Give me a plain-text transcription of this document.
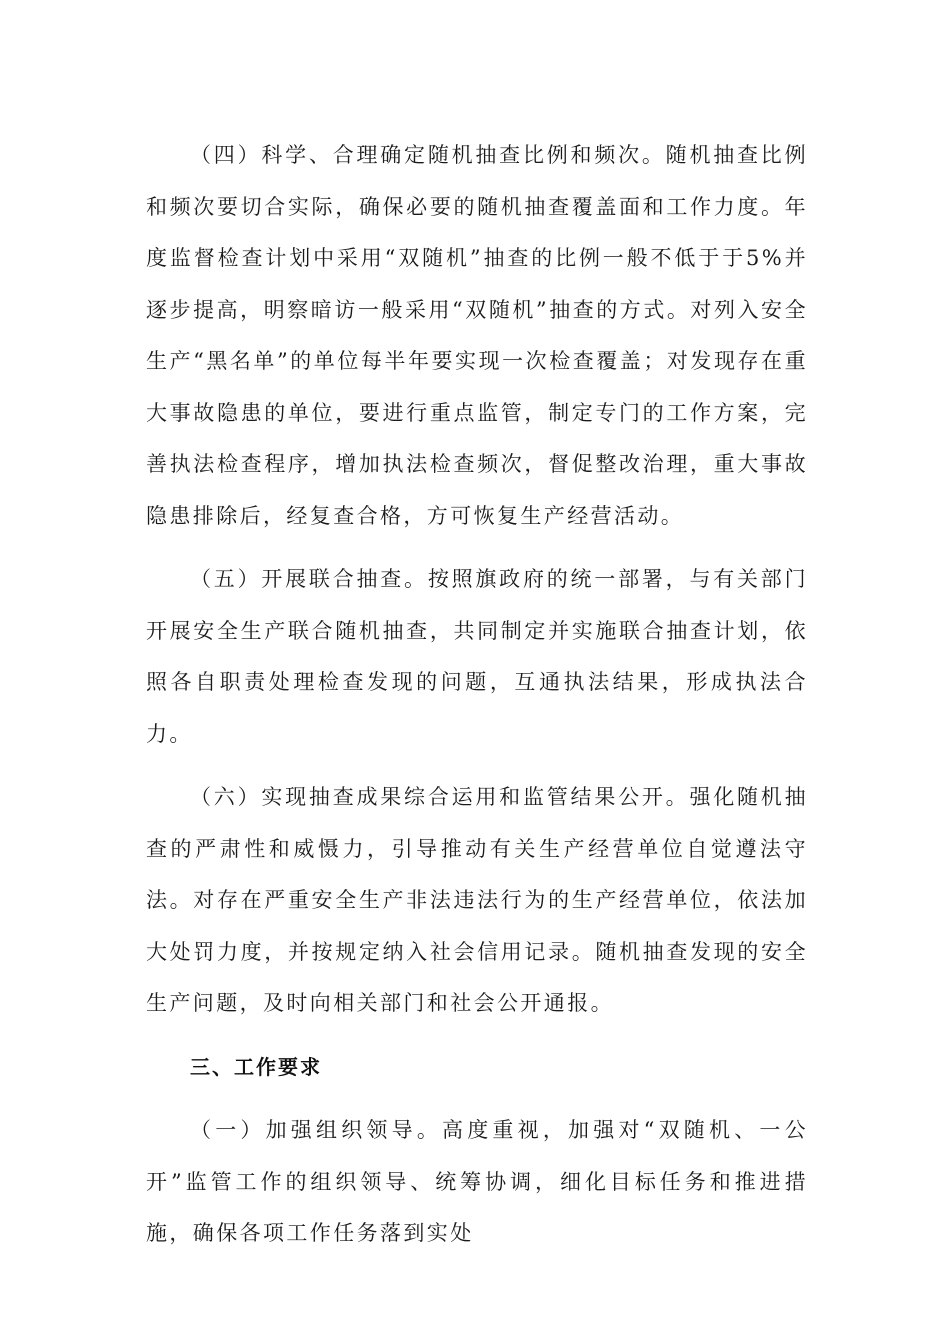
（四）科学、合理确定随机抽查比例和频次。随机抽查比例和频次要切合实际，确保必要的随机抽查覆盖面和工作力度。年度监督检查计划中采用“双随机”抽查的比例一般不低于于5%并逐步提高，明察暗访一般采用“双随机”抽查的方式。对列入安全生产“黑名单”的单位每半年要实现一次检查覆盖；对发现存在重大事故隐患的单位，要进行重点监管，制定专门的工作方案，完善执法检查程序，增加执法检查频次，督促整改治理，重大事故隐患排除后，经复查合格，方可恢复生产经营活动。

（五）开展联合抽查。按照旗政府的统一部署，与有关部门开展安全生产联合随机抽查，共同制定并实施联合抽查计划，依照各自职责处理检查发现的问题，互通执法结果，形成执法合力。

（六）实现抽查成果综合运用和监管结果公开。强化随机抽查的严肃性和威慑力，引导推动有关生产经营单位自觉遵法守法。对存在严重安全生产非法违法行为的生产经营单位，依法加大处罚力度，并按规定纳入社会信用记录。随机抽查发现的安全生产问题，及时向相关部门和社会公开通报。

三、工作要求

（一）加强组织领导。高度重视，加强对“双随机、一公开”监管工作的组织领导、统筹协调，细化目标任务和推进措施，确保各项工作任务落到实处
